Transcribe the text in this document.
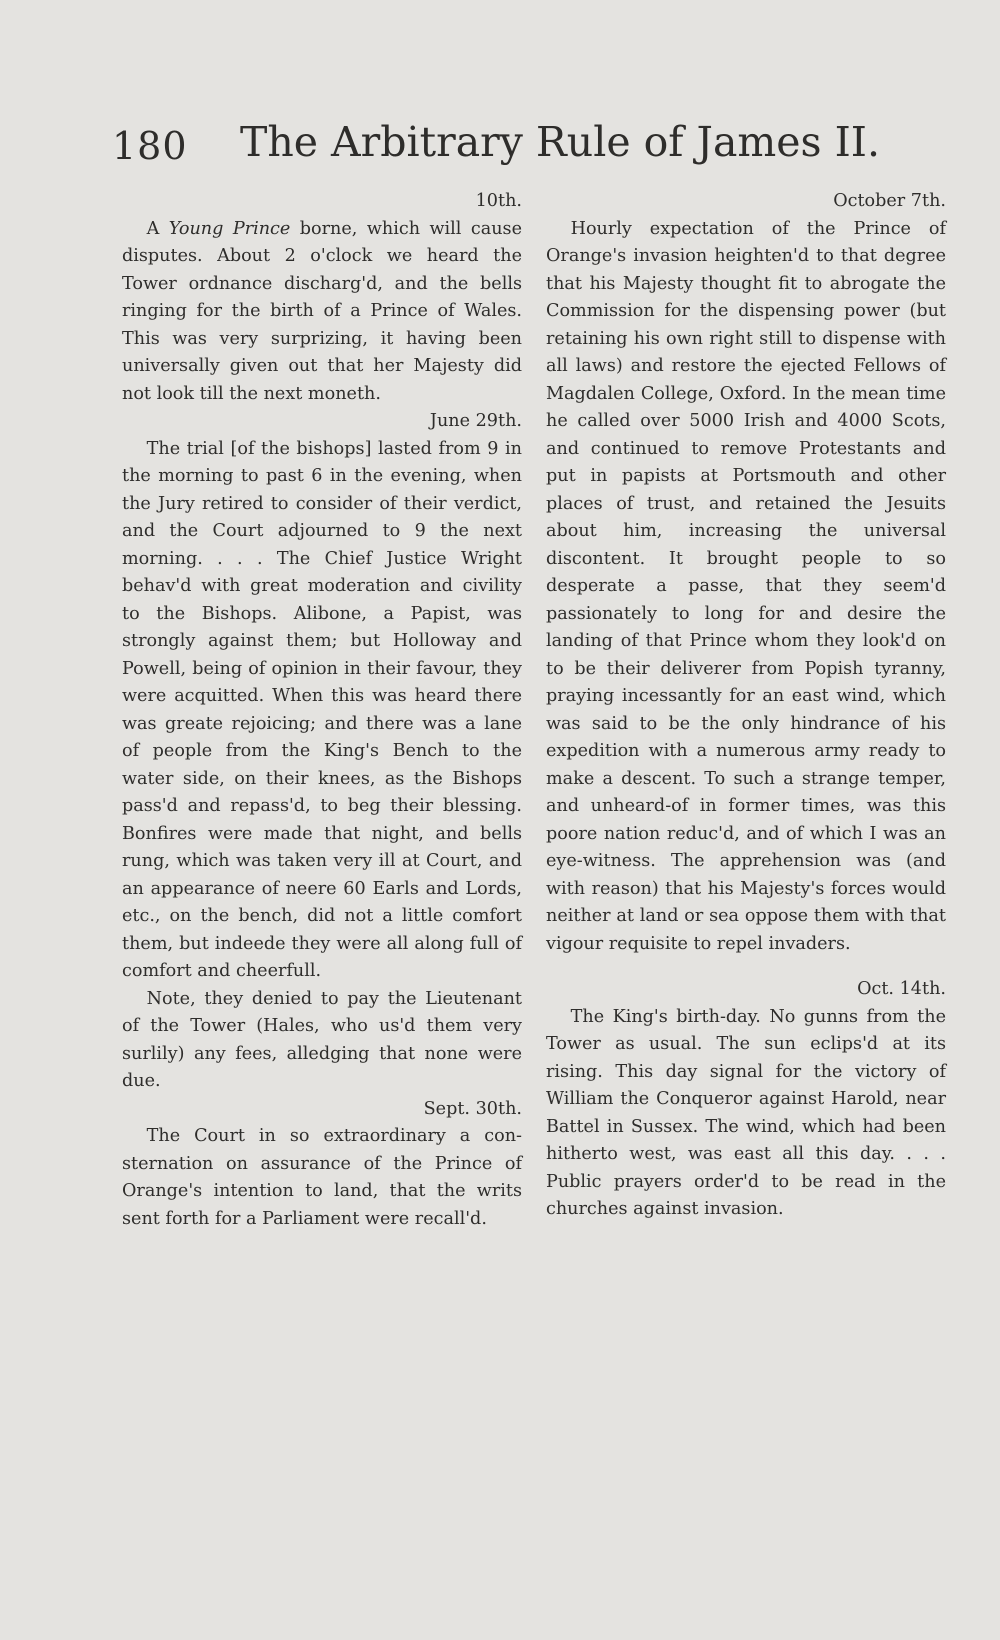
180 The Arbitrary Rule of James II.

10th.

A Young Prince borne, which will cause disputes. About 2 o'clock we heard the Tower ordnance discharg'd, and the bells ringing for the birth of a Prince of Wales. This was very surprizing, it having been universally given out that her Majesty did not look till the next moneth.

June 29th.

The trial [of the bishops] lasted from 9 in the morning to past 6 in the evening, when the Jury retired to consider of their verdict, and the Court adjourned to 9 the next morning. . . . The Chief Justice Wright behav'd with great moderation and civility to the Bishops. Alibone, a Papist, was strongly against them; but Holloway and Powell, being of opinion in their favour, they were acquitted. When this was heard there was greate rejoicing; and there was a lane of people from the King's Bench to the water side, on their knees, as the Bishops pass'd and repass'd, to beg their blessing. Bonfires were made that night, and bells rung, which was taken very ill at Court, and an appearance of neere 60 Earls and Lords, etc., on the bench, did not a little comfort them, but indeede they were all along full of comfort and cheerfull.

Note, they denied to pay the Lieutenant of the Tower (Hales, who us'd them very surlily) any fees, alledging that none were due.

Sept. 30th.

The Court in so extraordinary a consternation on assurance of the Prince of Orange's intention to land, that the writs sent forth for a Parliament were recall'd.

October 7th.

Hourly expectation of the Prince of Orange's invasion heighten'd to that degree that his Majesty thought fit to abrogate the Commission for the dispensing power (but retaining his own right still to dispense with all laws) and restore the ejected Fellows of Magdalen College, Oxford. In the mean time he called over 5000 Irish and 4000 Scots, and continued to remove Protestants and put in papists at Portsmouth and other places of trust, and retained the Jesuits about him, increasing the universal discontent. It brought people to so desperate a passe, that they seem'd passionately to long for and desire the landing of that Prince whom they look'd on to be their deliverer from Popish tyranny, praying incessantly for an east wind, which was said to be the only hindrance of his expedition with a numerous army ready to make a descent. To such a strange temper, and unheard-of in former times, was this poore nation reduc'd, and of which I was an eye-witness. The apprehension was (and with reason) that his Majesty's forces would neither at land or sea oppose them with that vigour requisite to repel invaders.

Oct. 14th.

The King's birth-day. No gunns from the Tower as usual. The sun eclips'd at its rising. This day signal for the victory of William the Conqueror against Harold, near Battel in Sussex. The wind, which had been hitherto west, was east all this day. . . . Public prayers order'd to be read in the churches against invasion.
